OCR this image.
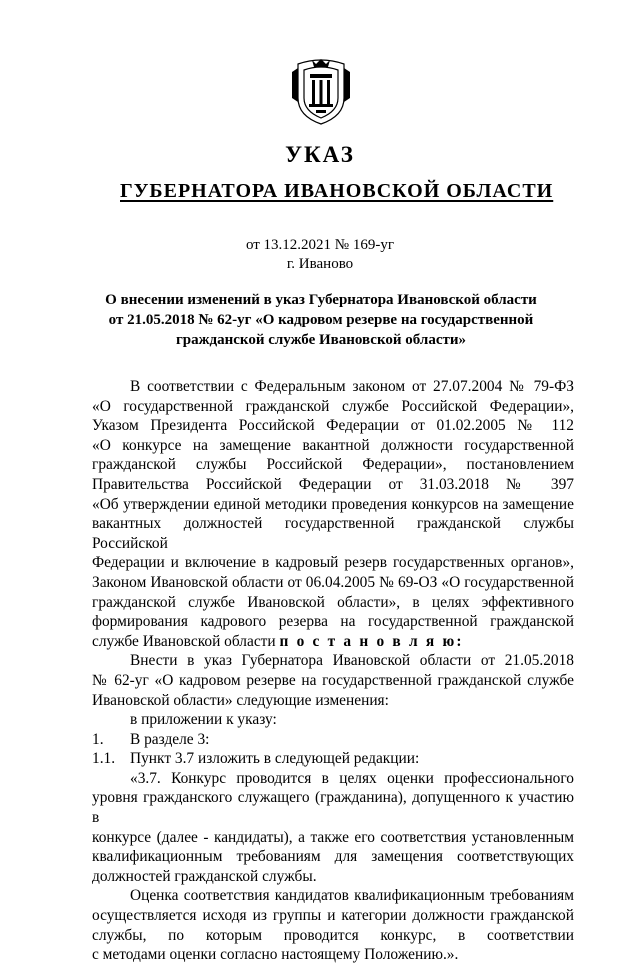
УКАЗ
ГУБЕРНАТОРА ИВАНОВСКОЙ ОБЛАСТИ
от 13.12.2021 № 169-уг
г. Иваново
О внесении изменений в указ Губернатора Ивановской области
от 21.05.2018 № 62-уг «О кадровом резерве на государственной
гражданской службе Ивановской области»
В соответствии с Федеральным законом от 27.07.2004 № 79-ФЗ
«О государственной гражданской службе Российской Федерации»,
Указом Президента Российской Федерации от 01.02.2005 № 112
«О конкурсе на замещение вакантной должности государственной
гражданской службы Российской Федерации», постановлением
Правительства Российской Федерации от 31.03.2018 № 397
«Об утверждении единой методики проведения конкурсов на замещение
вакантных должностей государственной гражданской службы Российской
Федерации и включение в кадровый резерв государственных органов»,
Законом Ивановской области от 06.04.2005 № 69-ОЗ «О государственной
гражданской службе Ивановской области», в целях эффективного
формирования кадрового резерва на государственной гражданской
службе Ивановской области п о с т а н о в л я ю:
Внести в указ Губернатора Ивановской области от 21.05.2018
№ 62-уг «О кадровом резерве на государственной гражданской службе
Ивановской области» следующие изменения:
в приложении к указу:
1. В разделе 3:
1.1. Пункт 3.7 изложить в следующей редакции:
«3.7. Конкурс проводится в целях оценки профессионального
уровня гражданского служащего (гражданина), допущенного к участию в
конкурсе (далее - кандидаты), а также его соответствия установленным
квалификационным требованиям для замещения соответствующих
должностей гражданской службы.
Оценка соответствия кандидатов квалификационным требованиям
осуществляется исходя из группы и категории должности гражданской
службы, по которым проводится конкурс, в соответствии
с методами оценки согласно настоящему Положению.».
